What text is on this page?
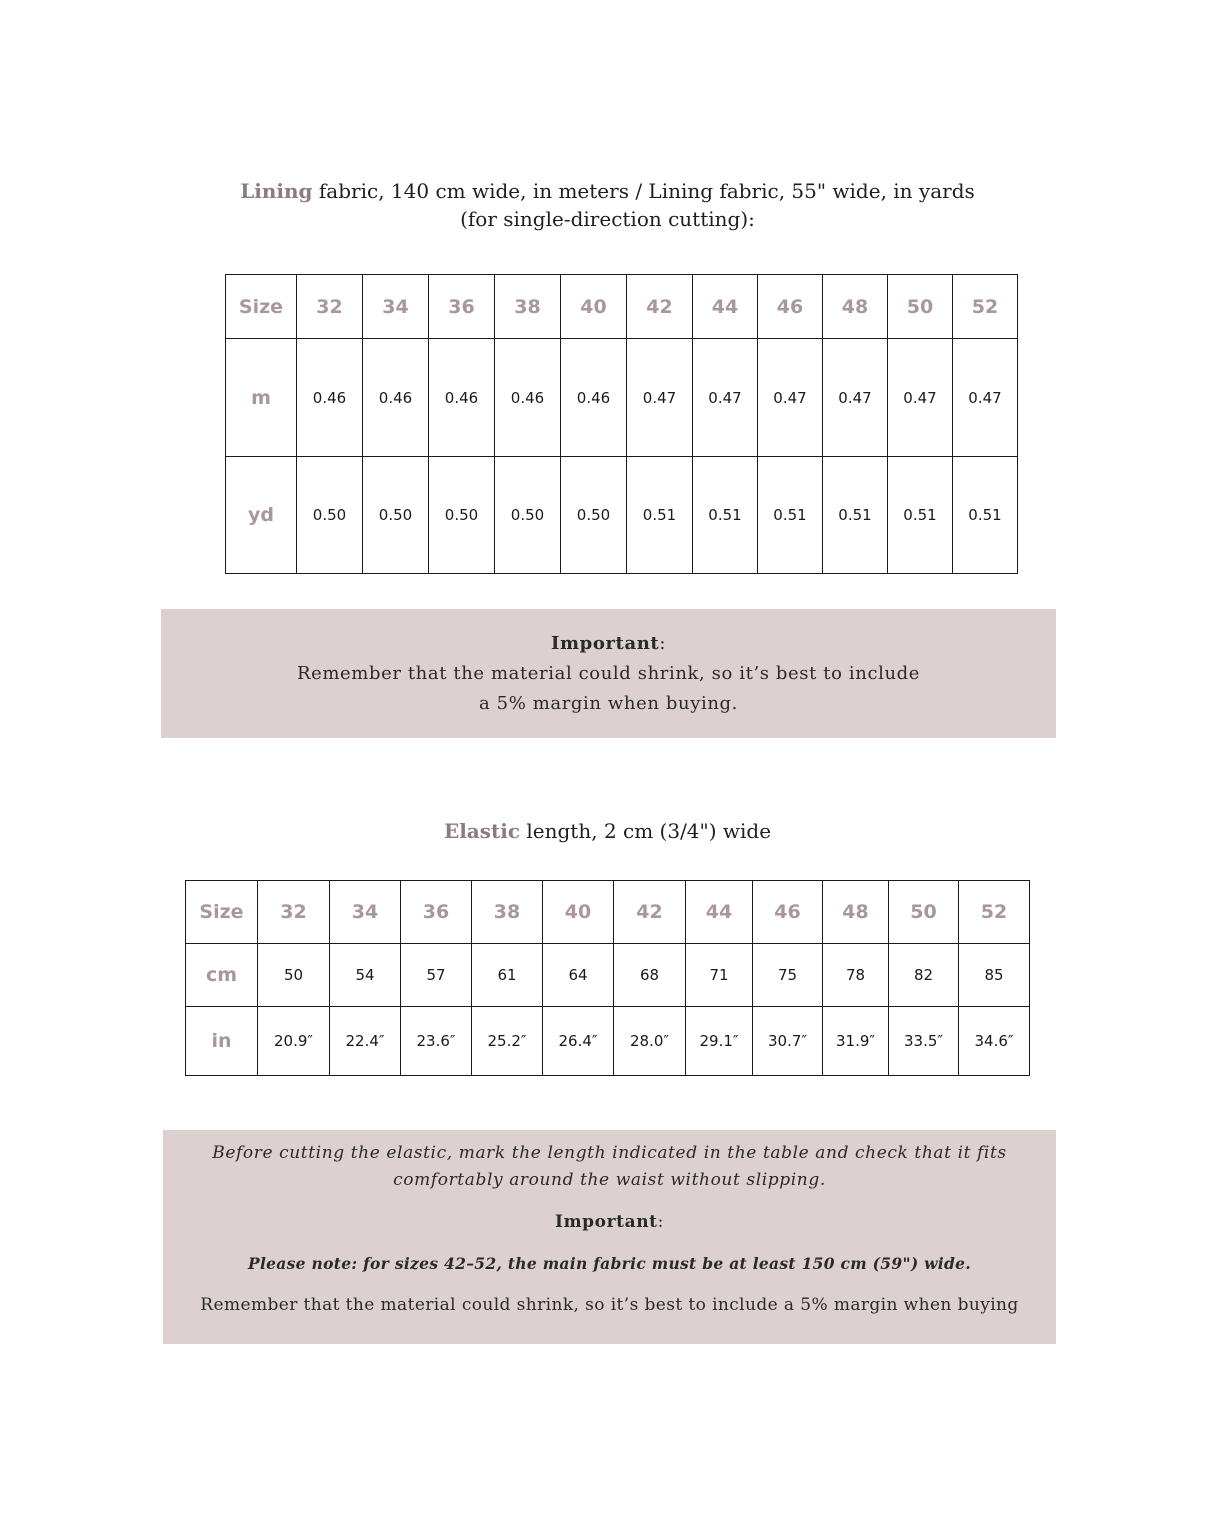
Lining fabric, 140 cm wide, in meters / Lining fabric, 55" wide, in yards
(for single-direction cutting):
Size	32	34	36	38	40	42	44	46	48	50	52
m	0.46	0.46	0.46	0.46	0.46	0.47	0.47	0.47	0.47	0.47	0.47
yd	0.50	0.50	0.50	0.50	0.50	0.51	0.51	0.51	0.51	0.51	0.51

Important:

Remember that the material could shrink, so it’s best to include

a 5% margin when buying.

Elastic length, 2 cm (3/4") wide
Size	32	34	36	38	40	42	44	46	48	50	52
cm	50	54	57	61	64	68	71	75	78	82	85
in	20.9″	22.4″	23.6″	25.2″	26.4″	28.0″	29.1″	30.7″	31.9″	33.5″	34.6″

Before cutting the elastic, mark the length indicated in the table and check that it fits
comfortably around the waist without slipping.

Important:

Please note: for sizes 42–52, the main fabric must be at least 150 cm (59") wide.

Remember that the material could shrink, so it’s best to include a 5% margin when buying
